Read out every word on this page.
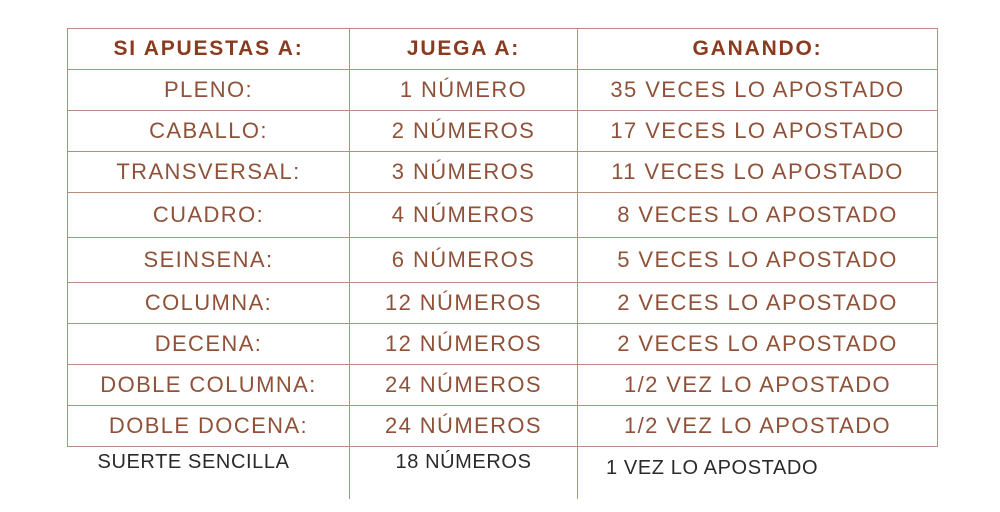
SI APUESTAS A:	JUEGA A:	GANANDO:
PLENO:	1 NÚMERO	35 VECES LO APOSTADO
CABALLO:	2 NÚMEROS	17 VECES LO APOSTADO
TRANSVERSAL:	3 NÚMEROS	11 VECES LO APOSTADO
CUADRO:	4 NÚMEROS	8 VECES LO APOSTADO
SEINSENA:	6 NÚMEROS	5 VECES LO APOSTADO
COLUMNA:	12 NÚMEROS	2 VECES LO APOSTADO
DECENA:	12 NÚMEROS	2 VECES LO APOSTADO
DOBLE COLUMNA:	24 NÚMEROS	1/2 VEZ LO APOSTADO
DOBLE DOCENA:	24 NÚMEROS	1/2 VEZ LO APOSTADO
SUERTE SENCILLA	18 NÚMEROS	1 VEZ LO APOSTADO
